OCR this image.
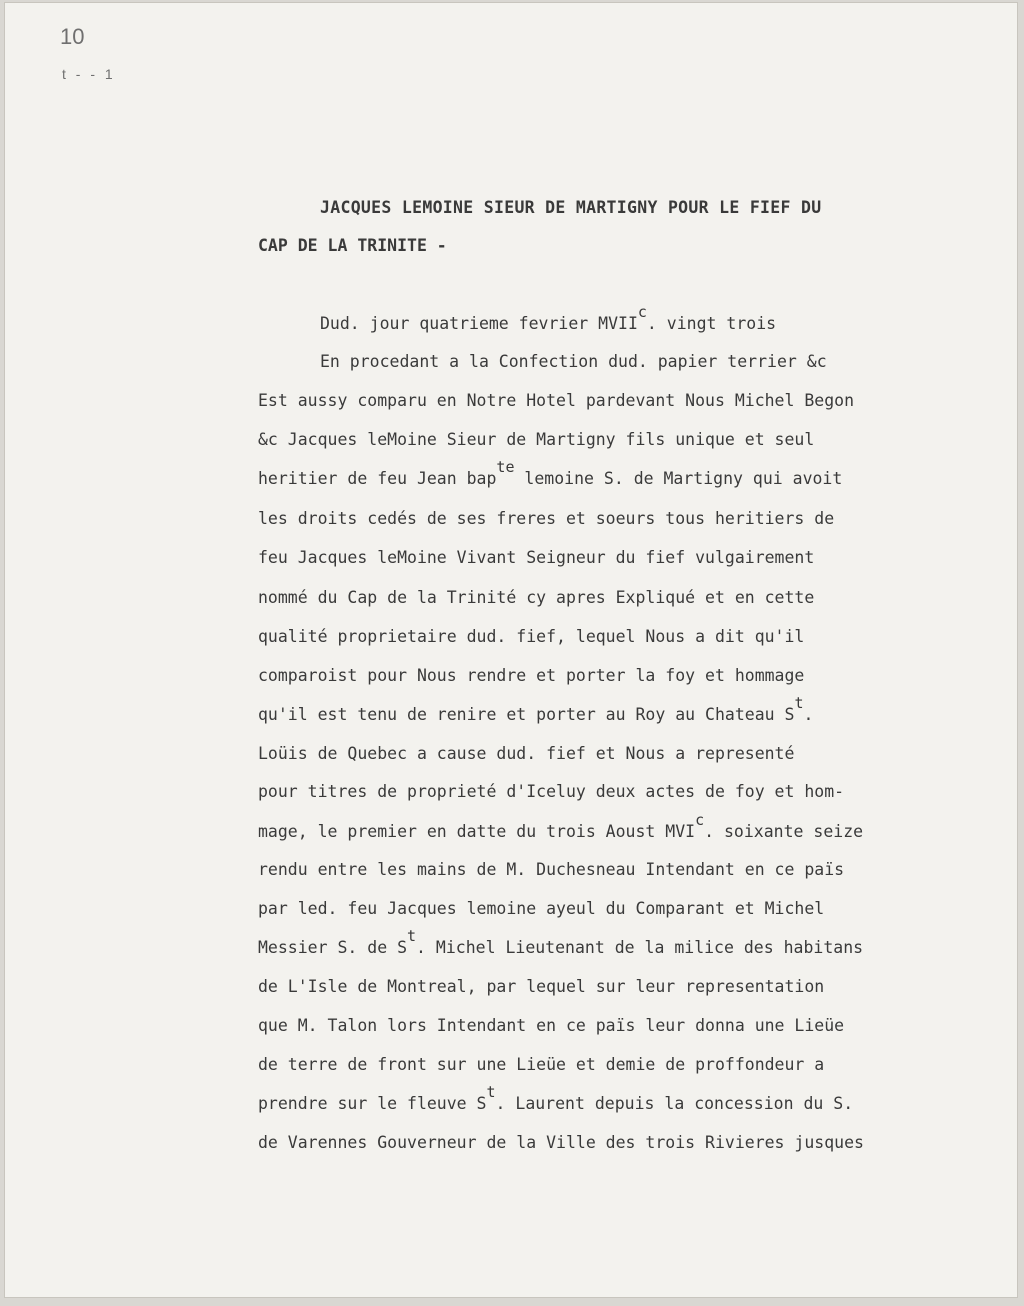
10
t - - 1
JACQUES LEMOINE SIEUR DE MARTIGNY POUR LE FIEF DU
CAP DE LA TRINITE -
Dud. jour quatrieme fevrier MVIIc. vingt trois
En procedant a la Confection dud. papier terrier &c
Est aussy comparu en Notre Hotel pardevant Nous Michel Begon
&c Jacques leMoine Sieur de Martigny fils unique et seul
heritier de feu Jean bapte lemoine S. de Martigny qui avoit
les droits cedés de ses freres et soeurs tous heritiers de
feu Jacques leMoine Vivant Seigneur du fief vulgairement
nommé du Cap de la Trinité cy apres Expliqué et en cette
qualité proprietaire dud. fief, lequel Nous a dit qu'il
comparoist pour Nous rendre et porter la foy et hommage
qu'il est tenu de renire et porter au Roy au Chateau St.
Loüis de Quebec a cause dud. fief et Nous a representé
pour titres de proprieté d'Iceluy deux actes de foy et hom-
mage, le premier en datte du trois Aoust MVIc. soixante seize
rendu entre les mains de M. Duchesneau Intendant en ce païs
par led. feu Jacques lemoine ayeul du Comparant et Michel
Messier S. de St. Michel Lieutenant de la milice des habitans
de L'Isle de Montreal, par lequel sur leur representation
que M. Talon lors Intendant en ce païs leur donna une Lieüe
de terre de front sur une Lieüe et demie de proffondeur a
prendre sur le fleuve St. Laurent depuis la concession du S.
de Varennes Gouverneur de la Ville des trois Rivieres jusques
